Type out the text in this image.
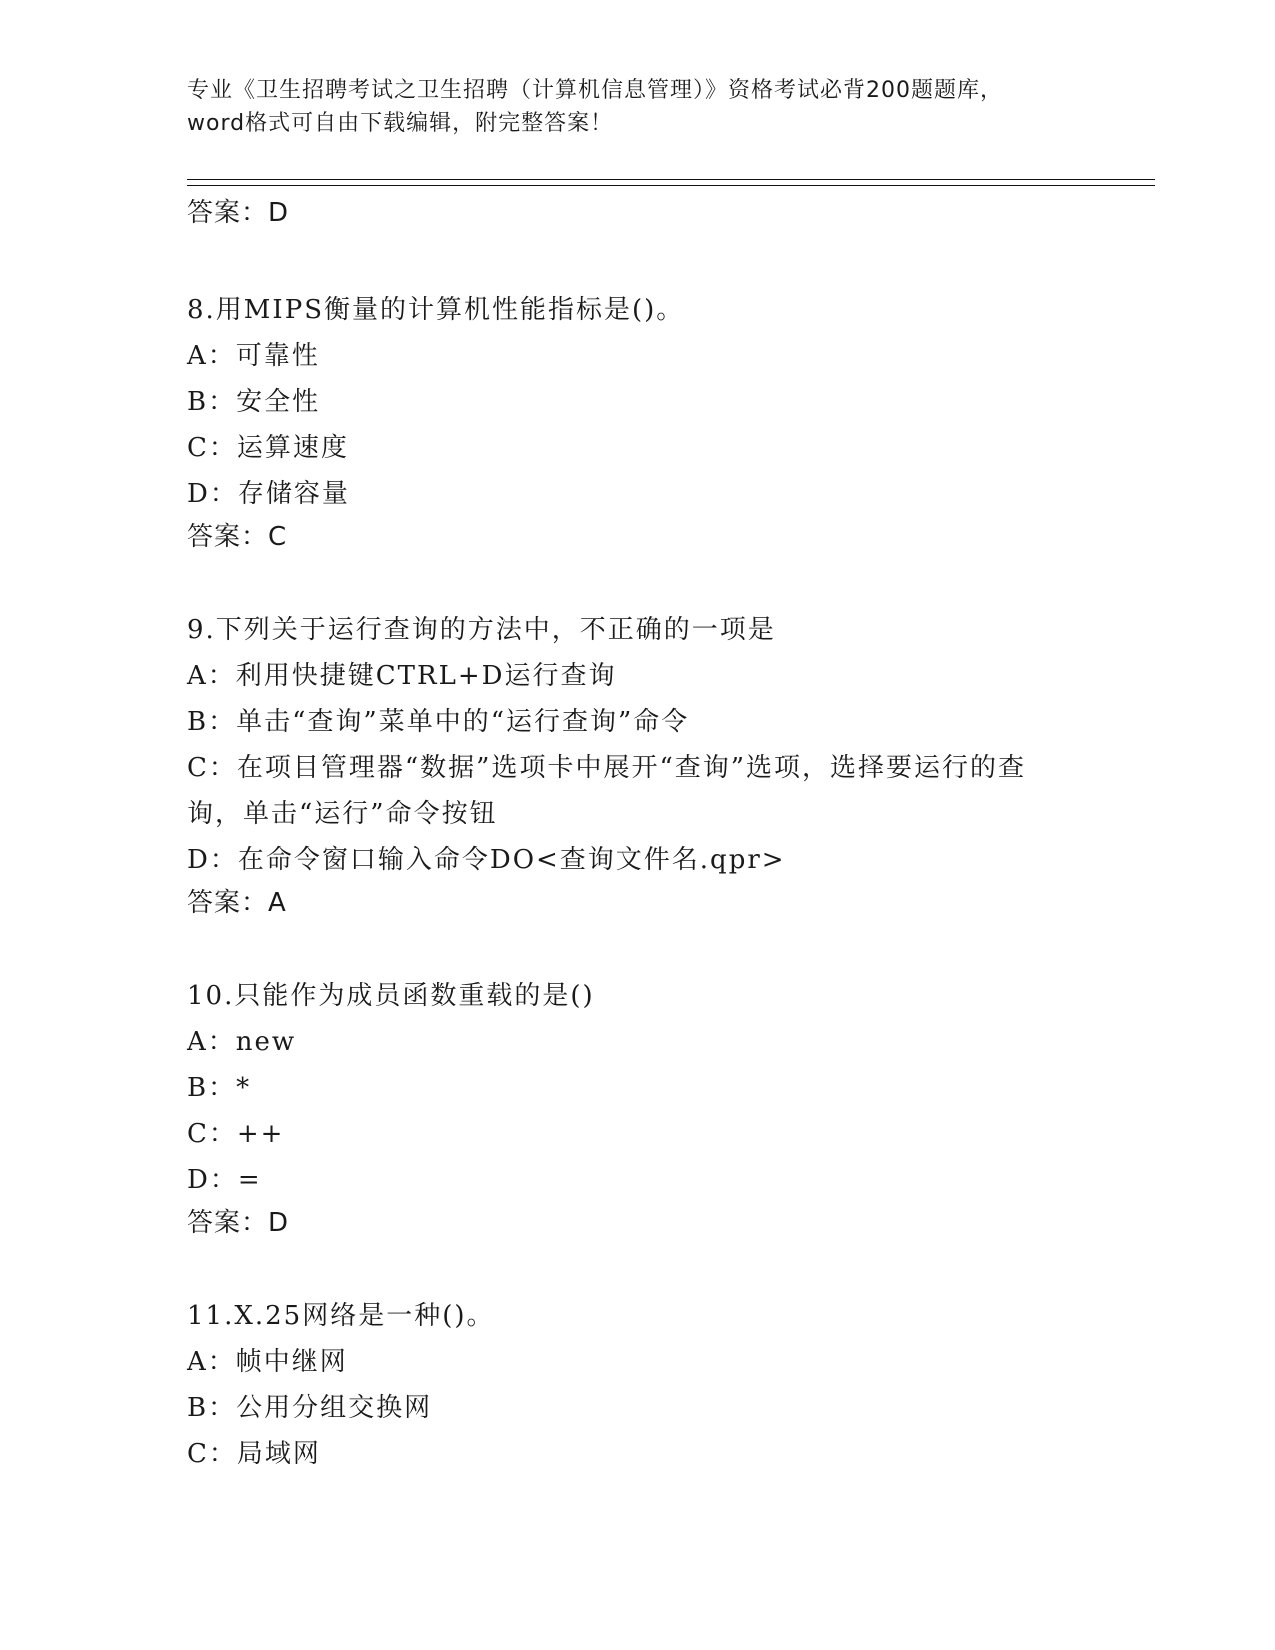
专业《卫生招聘考试之卫生招聘（计算机信息管理）》资格考试必背200题题库，
word格式可自由下载编辑，附完整答案！

答案：D

8.用MIPS衡量的计算机性能指标是()。

A：可靠性

B：安全性

C：运算速度

D：存储容量

答案：C

9.下列关于运行查询的方法中，不正确的一项是

A：利用快捷键CTRL+D运行查询

B：单击“查询”菜单中的“运行查询”命令

C：在项目管理器“数据”选项卡中展开“查询”选项，选择要运行的查询，单击“运行”命令按钮

D：在命令窗口输入命令DO<查询文件名.qpr>

答案：A

10.只能作为成员函数重载的是()

A：new

B：*

C：++

D：=

答案：D

11.X.25网络是一种()。

A：帧中继网

B：公用分组交换网

C：局域网
